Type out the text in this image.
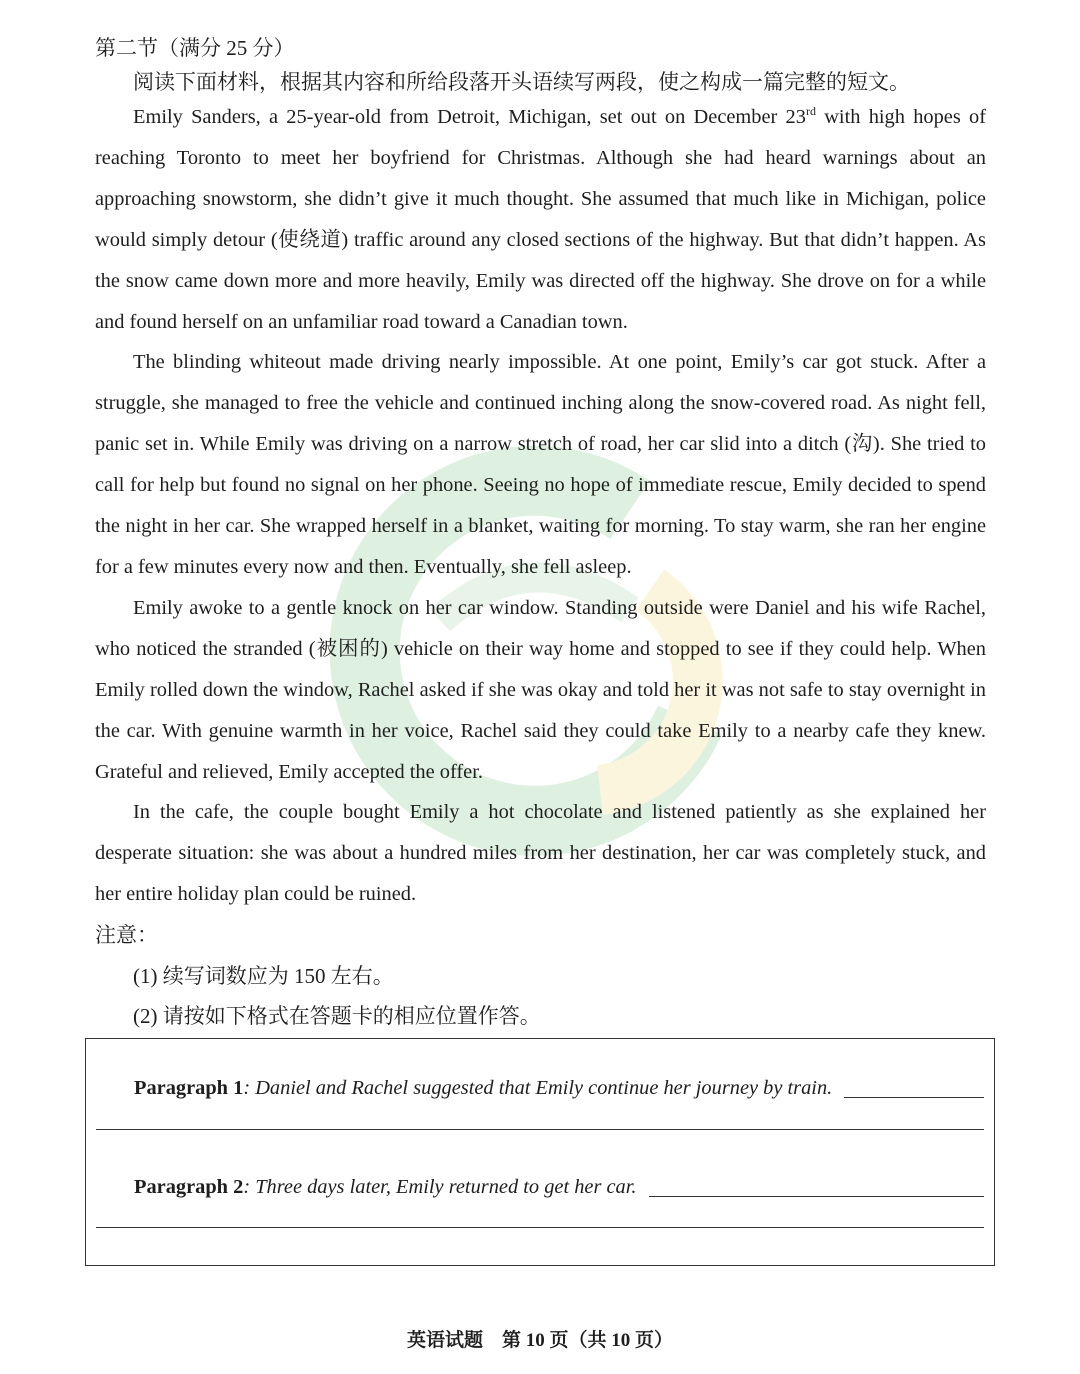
第二节（满分 25 分）
阅读下面材料，根据其内容和所给段落开头语续写两段，使之构成一篇完整的短文。

Emily Sanders, a 25-year-old from Detroit, Michigan, set out on December 23rd with high hopes of reaching Toronto to meet her boyfriend for Christmas. Although she had heard warnings about an approaching snowstorm, she didn’t give it much thought. She assumed that much like in Michigan, police would simply detour (使绕道) traffic around any closed sections of the highway. But that didn’t happen. As the snow came down more and more heavily, Emily was directed off the highway. She drove on for a while and found herself on an unfamiliar road toward a Canadian town.

The blinding whiteout made driving nearly impossible. At one point, Emily’s car got stuck. After a struggle, she managed to free the vehicle and continued inching along the snow-covered road. As night fell, panic set in. While Emily was driving on a narrow stretch of road, her car slid into a ditch (沟). She tried to call for help but found no signal on her phone. Seeing no hope of immediate rescue, Emily decided to spend the night in her car. She wrapped herself in a blanket, waiting for morning. To stay warm, she ran her engine for a few minutes every now and then. Eventually, she fell asleep.

Emily awoke to a gentle knock on her car window. Standing outside were Daniel and his wife Rachel, who noticed the stranded (被困的) vehicle on their way home and stopped to see if they could help. When Emily rolled down the window, Rachel asked if she was okay and told her it was not safe to stay overnight in the car. With genuine warmth in her voice, Rachel said they could take Emily to a nearby cafe they knew. Grateful and relieved, Emily accepted the offer.

In the cafe, the couple bought Emily a hot chocolate and listened patiently as she explained her desperate situation: she was about a hundred miles from her destination, her car was completely stuck, and her entire holiday plan could be ruined.

注意：
(1) 续写词数应为 150 左右。
(2) 请按如下格式在答题卡的相应位置作答。
Paragraph 1 : Daniel and Rachel suggested that Emily continue her journey by train.
Paragraph 2 : Three days later, Emily returned to get her car.
英语试题　第 10 页（共 10 页）
